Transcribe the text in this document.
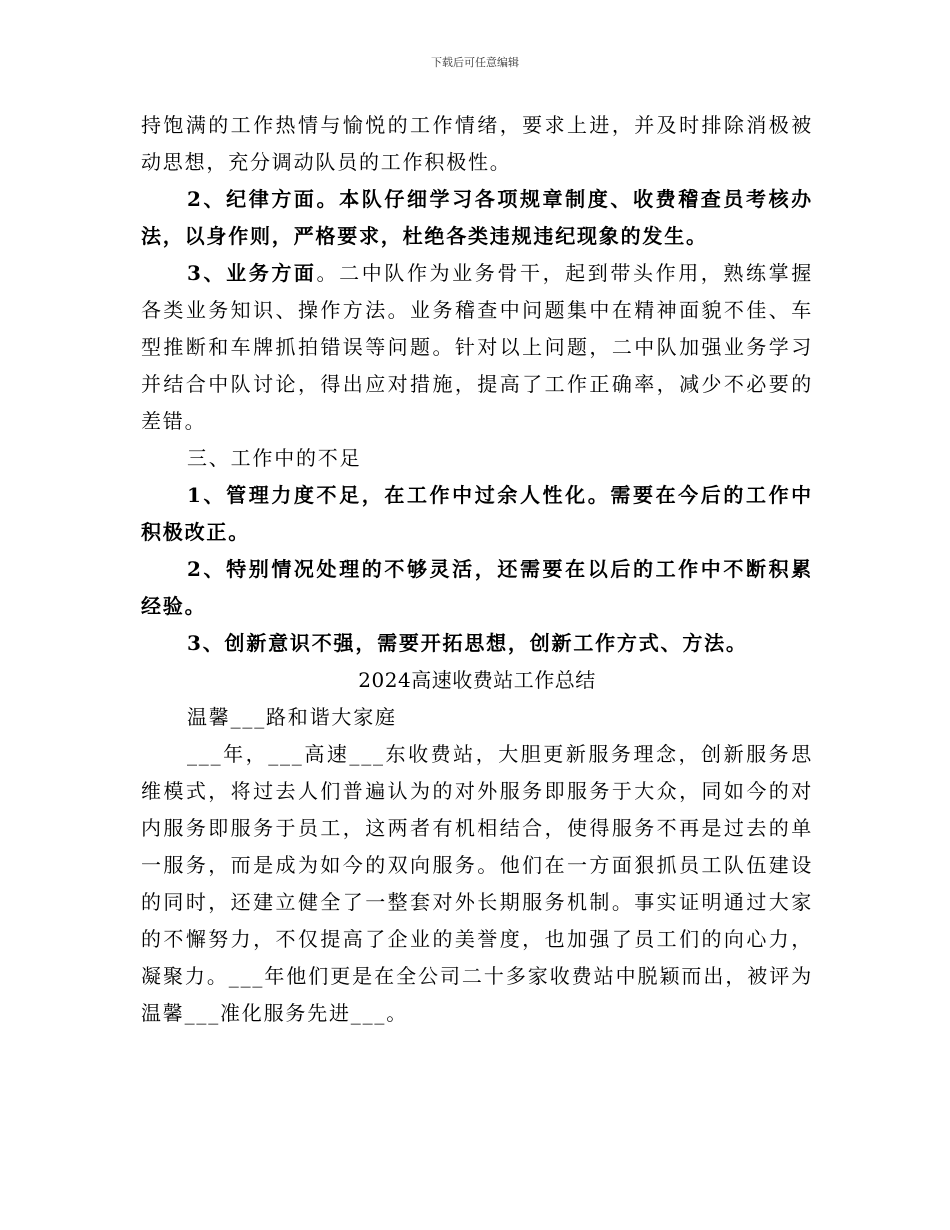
下载后可任意编辑

持饱满的工作热情与愉悦的工作情绪，要求上进，并及时排除消极被动思想，充分调动队员的工作积极性。

2、纪律方面。本队仔细学习各项规章制度、收费稽查员考核办法，以身作则，严格要求，杜绝各类违规违纪现象的发生。

3、业务方面。二中队作为业务骨干，起到带头作用，熟练掌握各类业务知识、操作方法。业务稽查中问题集中在精神面貌不佳、车型推断和车牌抓拍错误等问题。针对以上问题，二中队加强业务学习并结合中队讨论，得出应对措施，提高了工作正确率，减少不必要的差错。

三、工作中的不足

1、管理力度不足，在工作中过余人性化。需要在今后的工作中积极改正。

2、特别情况处理的不够灵活，还需要在以后的工作中不断积累经验。

3、创新意识不强，需要开拓思想，创新工作方式、方法。

2024高速收费站工作总结

温馨___路和谐大家庭

___年，___高速___东收费站，大胆更新服务理念，创新服务思维模式，将过去人们普遍认为的对外服务即服务于大众，同如今的对内服务即服务于员工，这两者有机相结合，使得服务不再是过去的单一服务，而是成为如今的双向服务。他们在一方面狠抓员工队伍建设的同时，还建立健全了一整套对外长期服务机制。事实证明通过大家的不懈努力，不仅提高了企业的美誉度，也加强了员工们的向心力，凝聚力。___年他们更是在全公司二十多家收费站中脱颖而出，被评为温馨___准化服务先进___。
